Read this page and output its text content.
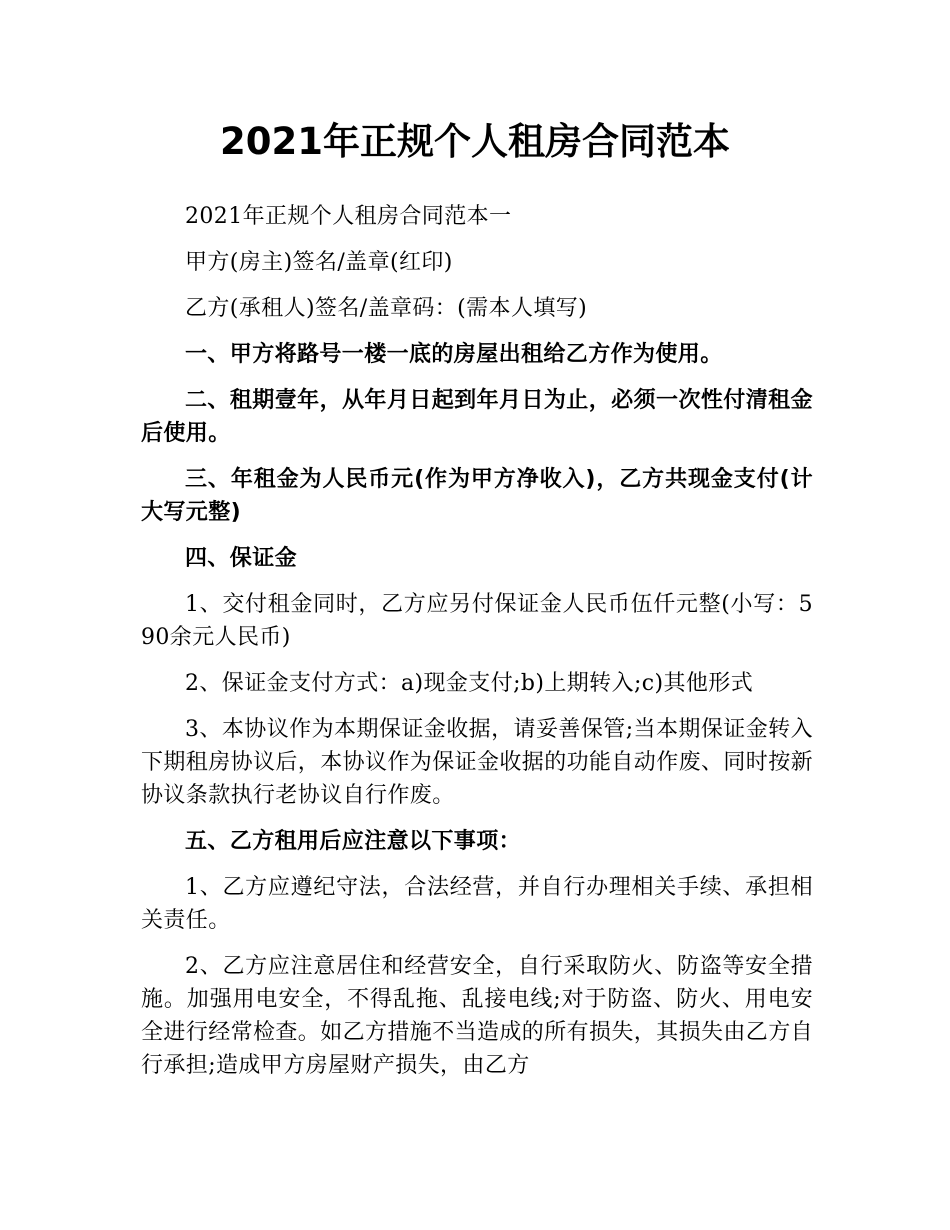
2021年正规个人租房合同范本

2021年正规个人租房合同范本一

甲方(房主)签名/盖章(红印)

乙方(承租人)签名/盖章码：(需本人填写)

一、甲方将路号一楼一底的房屋出租给乙方作为使用。

二、租期壹年，从年月日起到年月日为止，必须一次性付清租金后使用。

三、年租金为人民币元(作为甲方净收入)，乙方共现金支付(计大写元整)

四、保证金

1、交付租金同时，乙方应另付保证金人民币伍仟元整(小写：590余元人民币)

2、保证金支付方式：a)现金支付;b)上期转入;c)其他形式

3、本协议作为本期保证金收据，请妥善保管;当本期保证金转入下期租房协议后，本协议作为保证金收据的功能自动作废、同时按新协议条款执行老协议自行作废。

五、乙方租用后应注意以下事项：

1、乙方应遵纪守法，合法经营，并自行办理相关手续、承担相关责任。

2、乙方应注意居住和经营安全，自行采取防火、防盗等安全措施。加强用电安全，不得乱拖、乱接电线;对于防盗、防火、用电安全进行经常检查。如乙方措施不当造成的所有损失，其损失由乙方自行承担;造成甲方房屋财产损失，由乙方
